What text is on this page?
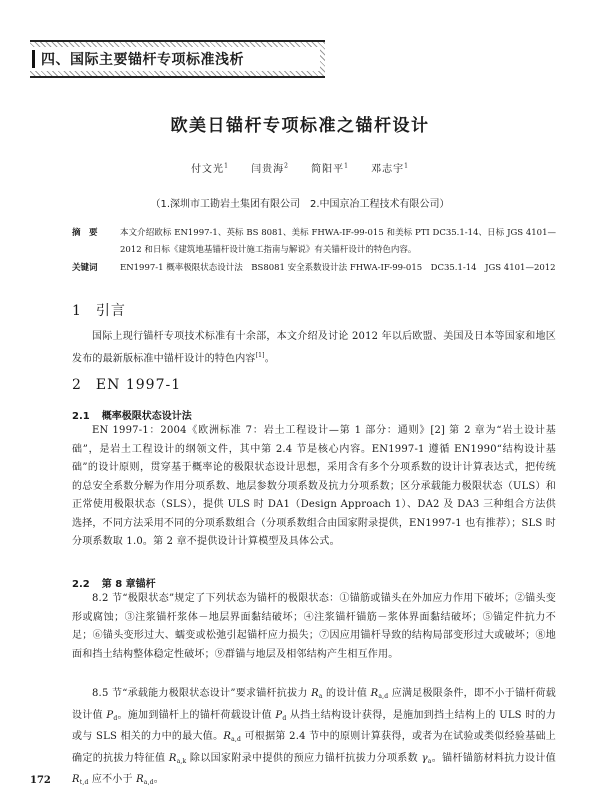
四、国际主要锚杆专项标准浅析
欧美日锚杆专项标准之锚杆设计
付文光$^1$ 闫贵海$^2$ 简阳平$^1$ 邓志宇$^1$
（1.深圳市工勘岩土集团有限公司　2.中国京冶工程技术有限公司）
摘　要	本文介绍欧标 EN1997-1、英标 BS 8081、美标 FHWA-IF-99-015 和美标 PTI DC35.1-14、日标 JGS 4101—2012 和日标《建筑地基锚杆设计施工指南与解说》有关锚杆设计的特色内容。
关键词	EN1997-1 概率极限状态设计法　BS8081 安全系数设计法 FHWA-IF-99-015　DC35.1-14　JGS 4101—2012
1 引言
国际上现行锚杆专项技术标准有十余部，本文介绍及讨论 2012 年以后欧盟、美国及日本等国家和地区发布的最新版标准中锚杆设计的特色内容[1]。
2 EN 1997-1
2.1 概率极限状态设计法
EN 1997-1：2004《欧洲标准 7：岩土工程设计—第 1 部分：通则》[2] 第 2 章为“岩土设计基础”，是岩土工程设计的纲领文件，其中第 2.4 节是核心内容。EN1997-1 遵循 EN1990“结构设计基础”的设计原则，贯穿基于概率论的极限状态设计思想，采用含有多个分项系数的设计计算表达式，把传统的总安全系数分解为作用分项系数、地层参数分项系数及抗力分项系数；区分承载能力极限状态（ULS）和正常使用极限状态（SLS），提供 ULS 时 DA1（Design Approach 1）、DA2 及 DA3 三种组合方法供选择，不同方法采用不同的分项系数组合（分项系数组合由国家附录提供，EN1997-1 也有推荐）；SLS 时分项系数取 1.0。第 2 章不提供设计计算模型及具体公式。
2.2 第 8 章锚杆
8.2 节“极限状态”规定了下列状态为锚杆的极限状态：①锚筋或锚头在外加应力作用下破坏；②锚头变形或腐蚀；③注浆锚杆浆体－地层界面黏结破坏；④注浆锚杆锚筋－浆体界面黏结破坏；⑤锚定件抗力不足；⑥锚头变形过大、蠕变或松弛引起锚杆应力损失；⑦因应用锚杆导致的结构局部变形过大或破坏；⑧地面和挡土结构整体稳定性破坏；⑨群锚与地层及相邻结构产生相互作用。
8.5 节“承载能力极限状态设计”要求锚杆抗拔力 $R_a$ 的设计值 $R_{a,d}$ 应满足极限条件，即不小于锚杆荷载设计值 $P_d$。施加到锚杆上的锚杆荷载设计值 $P_d$ 从挡土结构设计获得，是施加到挡土结构上的 ULS 时的力或与 SLS 相关的力中的最大值。$R_{a,d}$ 可根据第 2.4 节中的原则计算获得，或者为在试验或类似经验基础上确定的抗拔力特征值 $R_{a,k}$ 除以国家附录中提供的预应力锚杆抗拔力分项系数 $\gamma_a$。锚杆锚筋材料抗力设计值 $R_{t,d}$ 应不小于 $R_{a,d}$。
172
